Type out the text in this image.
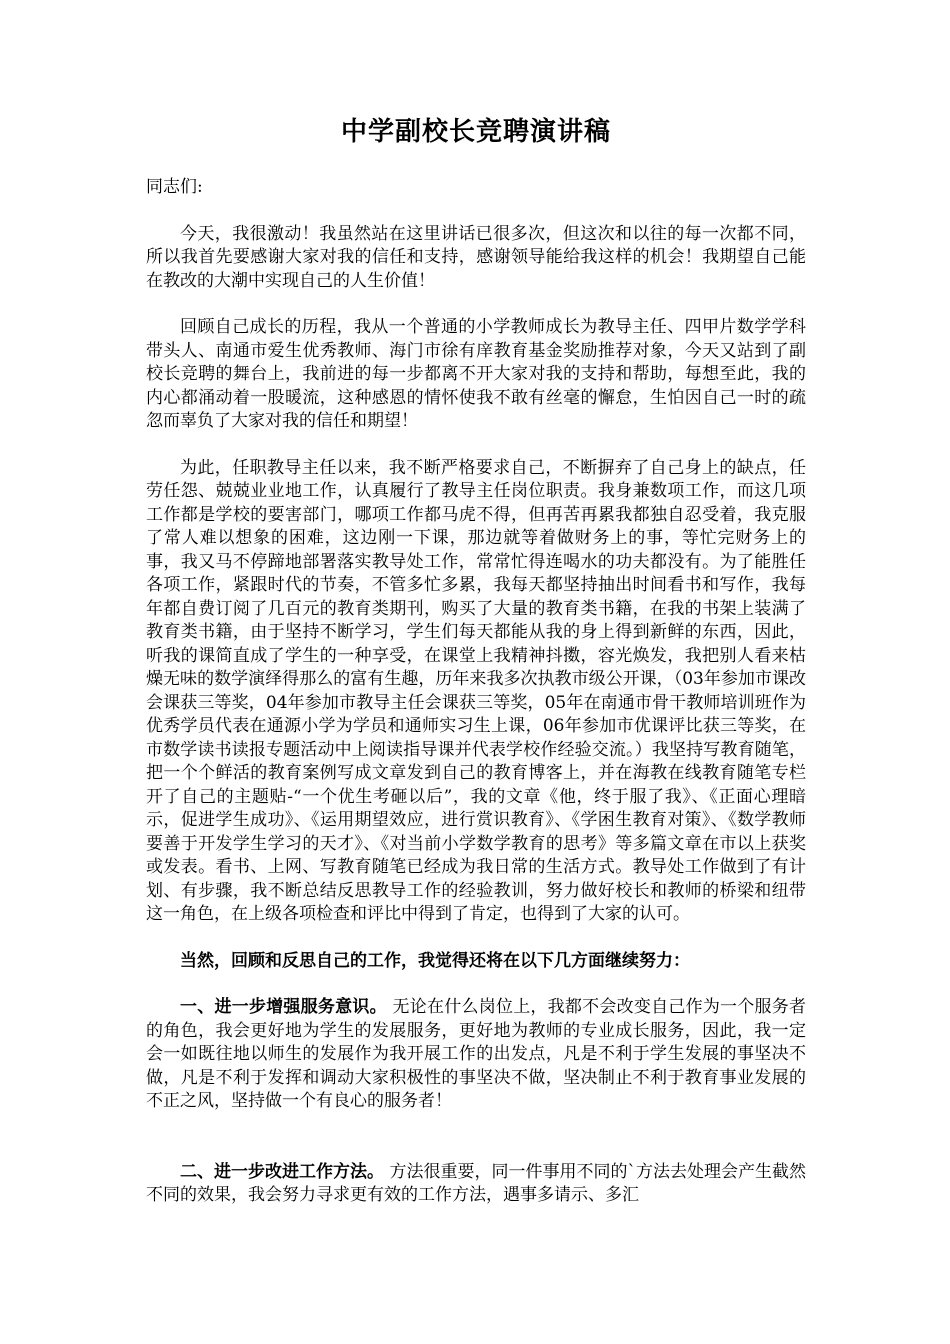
中学副校长竞聘演讲稿

同志们:

今天，我很激动！我虽然站在这里讲话已很多次，但这次和以往的每一次都不同，所以我首先要感谢大家对我的信任和支持，感谢领导能给我这样的机会！我期望自己能在教改的大潮中实现自己的人生价值！

回顾自己成长的历程，我从一个普通的小学教师成长为教导主任、四甲片数学学科带头人、南通市爱生优秀教师、海门市徐有庠教育基金奖励推荐对象，今天又站到了副校长竞聘的舞台上，我前进的每一步都离不开大家对我的支持和帮助，每想至此，我的内心都涌动着一股暖流，这种感恩的情怀使我不敢有丝毫的懈怠，生怕因自己一时的疏忽而辜负了大家对我的信任和期望！

为此，任职教导主任以来，我不断严格要求自己，不断摒弃了自己身上的缺点，任劳任怨、兢兢业业地工作，认真履行了教导主任岗位职责。我身兼数项工作，而这几项工作都是学校的要害部门，哪项工作都马虎不得，但再苦再累我都独自忍受着，我克服了常人难以想象的困难，这边刚一下课，那边就等着做财务上的事，等忙完财务上的事，我又马不停蹄地部署落实教导处工作，常常忙得连喝水的功夫都没有。为了能胜任各项工作，紧跟时代的节奏，不管多忙多累，我每天都坚持抽出时间看书和写作，我每年都自费订阅了几百元的教育类期刊，购买了大量的教育类书籍，在我的书架上装满了教育类书籍，由于坚持不断学习，学生们每天都能从我的身上得到新鲜的东西，因此，听我的课简直成了学生的一种享受，在课堂上我精神抖擞，容光焕发，我把别人看来枯燥无味的数学演绎得那么的富有生趣，历年来我多次执教市级公开课，（03年参加市课改会课获三等奖，04年参加市教导主任会课获三等奖，05年在南通市骨干教师培训班作为优秀学员代表在通源小学为学员和通师实习生上课，06年参加市优课评比获三等奖，在市数学读书读报专题活动中上阅读指导课并代表学校作经验交流。）我坚持写教育随笔，把一个个鲜活的教育案例写成文章发到自己的教育博客上，并在海教在线教育随笔专栏开了自己的主题贴-“一个优生考砸以后”，我的文章《他，终于服了我》、《正面心理暗示，促进学生成功》、《运用期望效应，进行赏识教育》、《学困生教育对策》、《数学教师要善于开发学生学习的天才》、《对当前小学数学教育的思考》等多篇文章在市以上获奖或发表。看书、上网、写教育随笔已经成为我日常的生活方式。教导处工作做到了有计划、有步骤，我不断总结反思教导工作的经验教训，努力做好校长和教师的桥梁和纽带这一角色，在上级各项检查和评比中得到了肯定，也得到了大家的认可。

当然，回顾和反思自己的工作，我觉得还将在以下几方面继续努力：

一、进一步增强服务意识。 无论在什么岗位上，我都不会改变自己作为一个服务者的角色，我会更好地为学生的发展服务，更好地为教师的专业成长服务，因此，我一定会一如既往地以师生的发展作为我开展工作的出发点，凡是不利于学生发展的事坚决不做，凡是不利于发挥和调动大家积极性的事坚决不做，坚决制止不利于教育事业发展的不正之风，坚持做一个有良心的服务者！

二、进一步改进工作方法。 方法很重要，同一件事用不同的`方法去处理会产生截然不同的效果，我会努力寻求更有效的工作方法，遇事多请示、多汇
